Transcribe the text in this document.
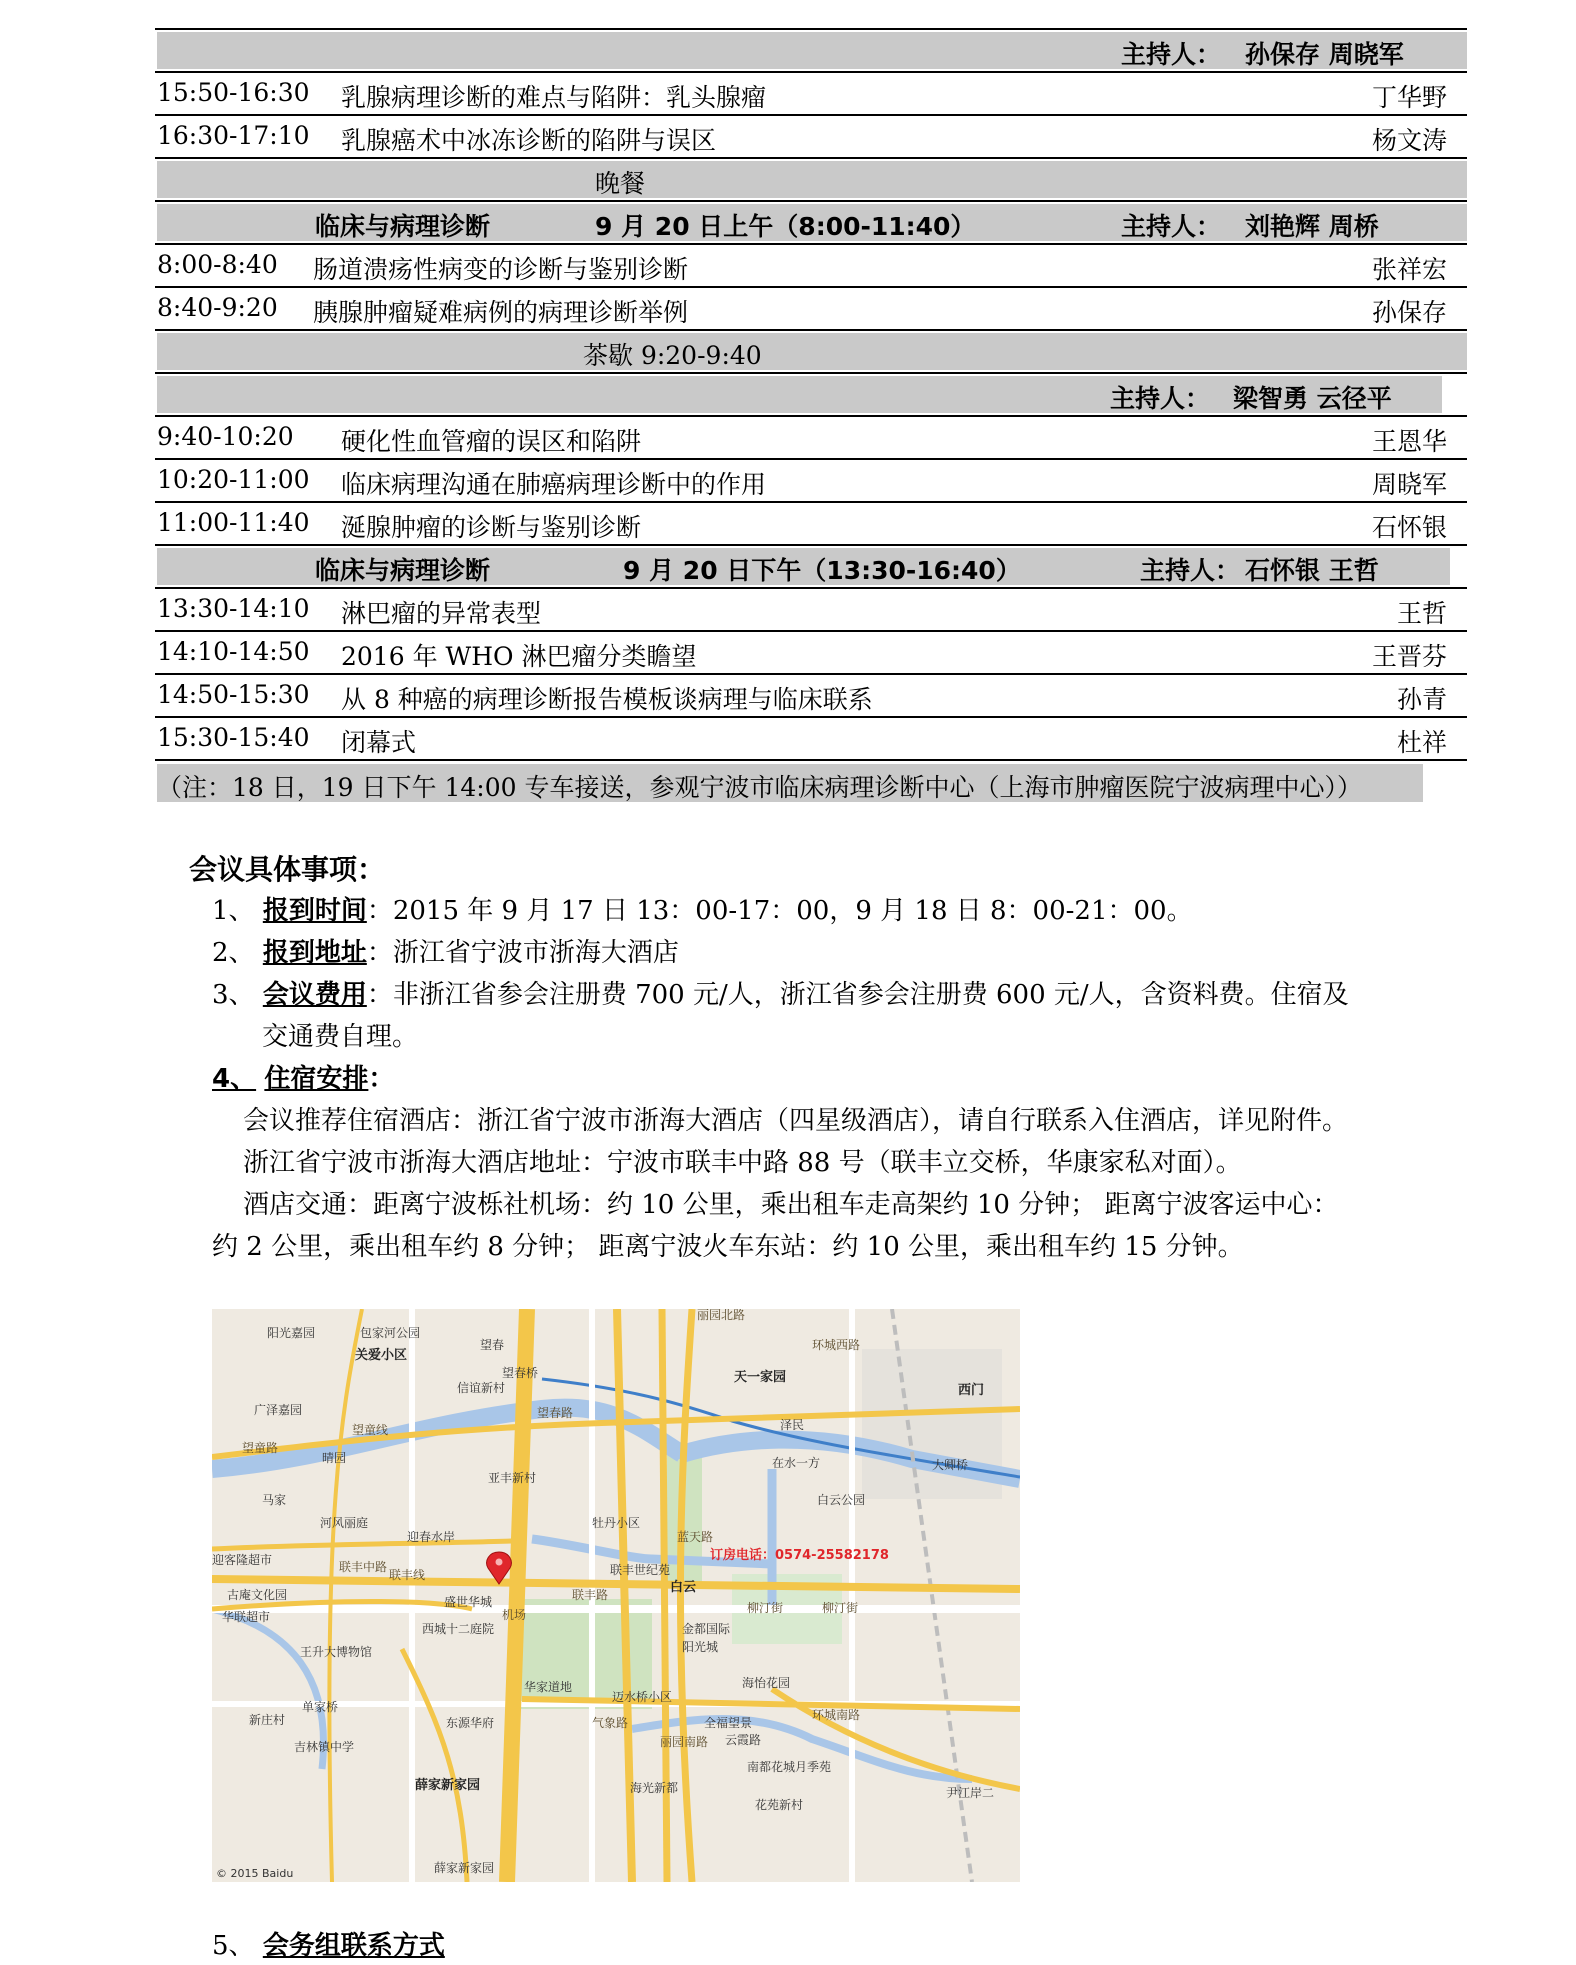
主持人： 孙保存 周晓军
15:50-16:30 乳腺病理诊断的难点与陷阱：乳头腺瘤	丁华野
16:30-17:10 乳腺癌术中冰冻诊断的陷阱与误区	杨文涛
晚餐
临床与病理诊断	9 月 20 日上午（8:00-11:40）	主持人： 刘艳辉 周桥
8:00-8:40 肠道溃疡性病变的诊断与鉴别诊断	张祥宏
8:40-9:20 胰腺肿瘤疑难病例的病理诊断举例	孙保存
茶歇 9:20-9:40
主持人： 梁智勇 云径平
9:40-10:20 硬化性血管瘤的误区和陷阱	王恩华
10:20-11:00 临床病理沟通在肺癌病理诊断中的作用	周晓军
11:00-11:40 涎腺肿瘤的诊断与鉴别诊断	石怀银
临床与病理诊断	9 月 20 日下午（13:30-16:40）	主持人： 石怀银 王哲
13:30-14:10 淋巴瘤的异常表型	王哲
14:10-14:50 2016 年 WHO 淋巴瘤分类瞻望	王晋芬
14:50-15:30 从 8 种癌的病理诊断报告模板谈病理与临床联系	孙青
15:30-15:40 闭幕式	杜祥
（注：18 日，19 日下午 14:00 专车接送，参观宁波市临床病理诊断中心（上海市肿瘤医院宁波病理中心））
会议具体事项：
1、 报到时间：2015 年 9 月 17 日 13：00-17：00，9 月 18 日 8：00-21：00。
2、 报到地址：浙江省宁波市浙海大酒店
3、 会议费用：非浙江省参会注册费 700 元/人，浙江省参会注册费 600 元/人，含资料费。住宿及
交通费自理。
4、 住宿安排：
会议推荐住宿酒店：浙江省宁波市浙海大酒店（四星级酒店），请自行联系入住酒店，详见附件。
浙江省宁波市浙海大酒店地址：宁波市联丰中路 88 号（联丰立交桥，华康家私对面）。
酒店交通：距离宁波栎社机场：约 10 公里，乘出租车走高架约 10 分钟； 距离宁波客运中心：
约 2 公里，乘出租车约 8 分钟； 距离宁波火车东站：约 10 公里，乘出租车约 15 分钟。
阳光嘉园	包家河公园
关爱小区
望春
望春桥
广泽嘉园
信谊新村
天一家园
丽园北路
环城西路
望童路
望童线
望春路
泽民
西门
晴园	在水一方	大卿桥
亚丰新村
马家	白云公园
牡丹小区
蓝天路
河风丽庭
迎春水岸
迎客隆超市	联丰中路
联丰线	联丰世纪苑
古庵文化园	盛世华城
白云
联丰路
柳汀街	柳汀街
华联超市
西城十二庭院	金都国际
阳光城
王升大博物馆
机场
海怡花园
华家道地
单家桥
迈水桥小区
环城南路
新庄村	东源华府	气象路	全福望景
吉林镇中学	丽园南路 云霞路
南都花城月季苑
薛家新家园	海光新都	尹江岸二
花苑新村
薛家新家园
订房电话：0574-25582178
© 2015 Baidu
5、 会务组联系方式
